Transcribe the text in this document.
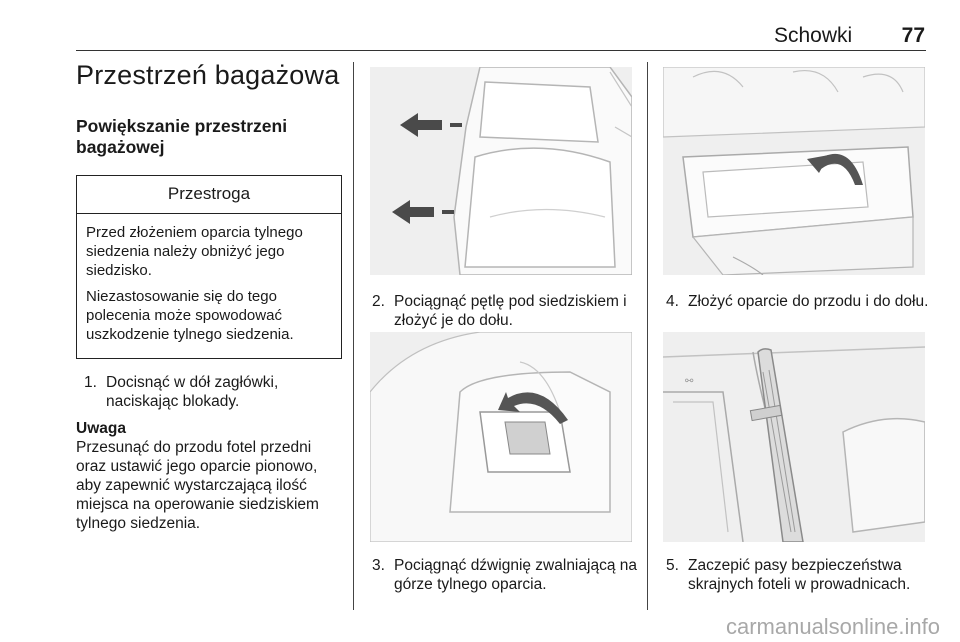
Schowki 77
Przestrzeń bagażowa
Powiększanie przestrzeni bagażowej
Przestroga

Przed złożeniem oparcia tylnego siedzenia należy obniżyć jego siedzisko.

Niezastosowanie się do tego polecenia może spowodować uszkodzenie tylnego siedzenia.

1. Docisnąć w dół zagłówki, naciskając blokady.
Uwaga
Przesunąć do przodu fotel przedni oraz ustawić jego oparcie pionowo, aby zapewnić wystarczającą ilość miejsca na operowanie siedziskiem tylnego siedzenia.
2. Pociągnąć pętlę pod siedziskiem i złożyć je do dołu.
3. Pociągnąć dźwignię zwalniającą na górze tylnego oparcia.
4. Złożyć oparcie do przodu i do dołu.
⚯
5. Zaczepić pasy bezpieczeństwa skrajnych foteli w prowadnicach.
carmanualsonline.info
